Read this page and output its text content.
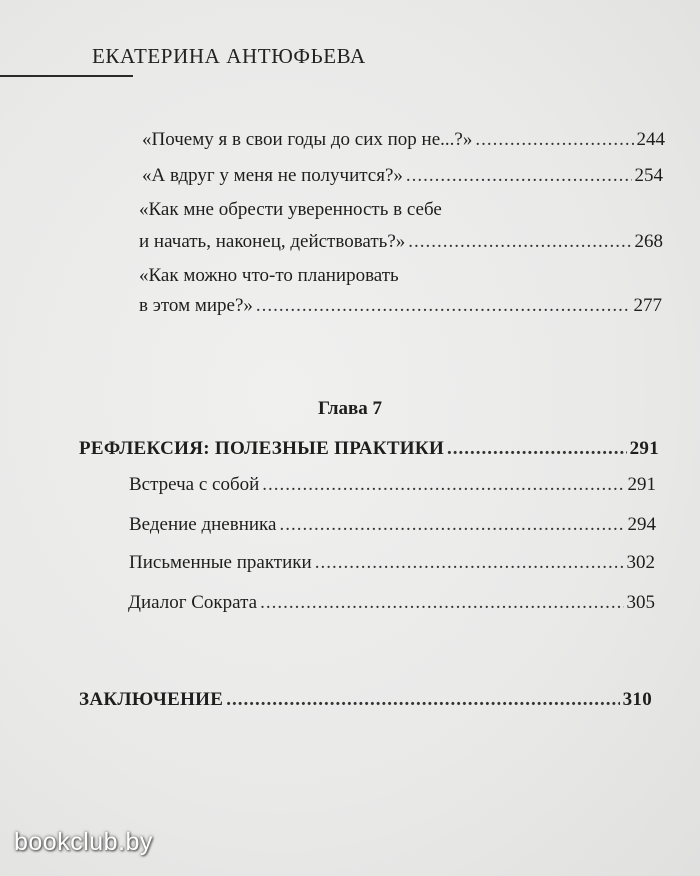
ЕКАТЕРИНА АНТЮФЬЕВА
«Почему я в свои годы до сих пор не...?» .....	244
«А вдруг у меня не получится?» .....	254
«Как мне обрести уверенность в себе
и начать, наконец, действовать?» .....	268
«Как можно что-то планировать
в этом мире?» .....	277
Глава 7
РЕФЛЕКСИЯ: ПОЛЕЗНЫЕ ПРАКТИКИ .....	291
Встреча с собой .....	291
Ведение дневника .....	294
Письменные практики .....	302
Диалог Сократа .....	305
ЗАКЛЮЧЕНИЕ .....	310
bookclub.by
